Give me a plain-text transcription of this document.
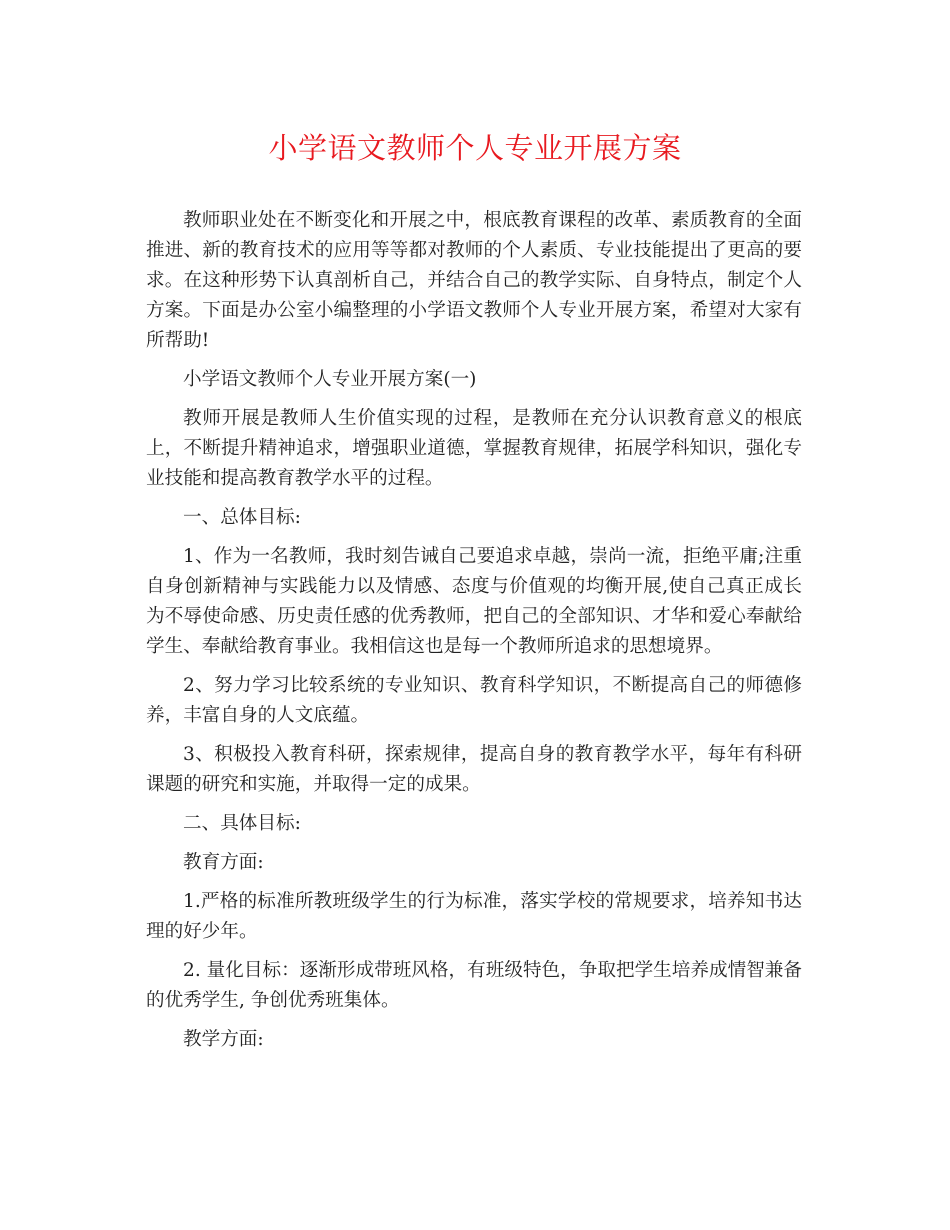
小学语文教师个人专业开展方案

教师职业处在不断变化和开展之中，根底教育课程的改革、素质教育的全面推进、新的教育技术的应用等等都对教师的个人素质、专业技能提出了更高的要求。在这种形势下认真剖析自己，并结合自己的教学实际、自身特点，制定个人方案。下面是办公室小编整理的小学语文教师个人专业开展方案，希望对大家有所帮助!

小学语文教师个人专业开展方案(一)

教师开展是教师人生价值实现的过程，是教师在充分认识教育意义的根底上，不断提升精神追求，增强职业道德，掌握教育规律，拓展学科知识，强化专业技能和提高教育教学水平的过程。

一、总体目标:

1、作为一名教师，我时刻告诫自己要追求卓越，崇尚一流，拒绝平庸;注重自身创新精神与实践能力以及情感、态度与价值观的均衡开展,使自己真正成长为不辱使命感、历史责任感的优秀教师，把自己的全部知识、才华和爱心奉献给学生、奉献给教育事业。我相信这也是每一个教师所追求的思想境界。

2、努力学习比较系统的专业知识、教育科学知识，不断提高自己的师德修养，丰富自身的人文底蕴。

3、积极投入教育科研，探索规律，提高自身的教育教学水平，每年有科研课题的研究和实施，并取得一定的成果。

二、具体目标:

教育方面:

1.严格的标准所教班级学生的行为标准，落实学校的常规要求，培养知书达理的好少年。

2. 量化目标：逐渐形成带班风格，有班级特色，争取把学生培养成情智兼备的优秀学生, 争创优秀班集体。

教学方面:
